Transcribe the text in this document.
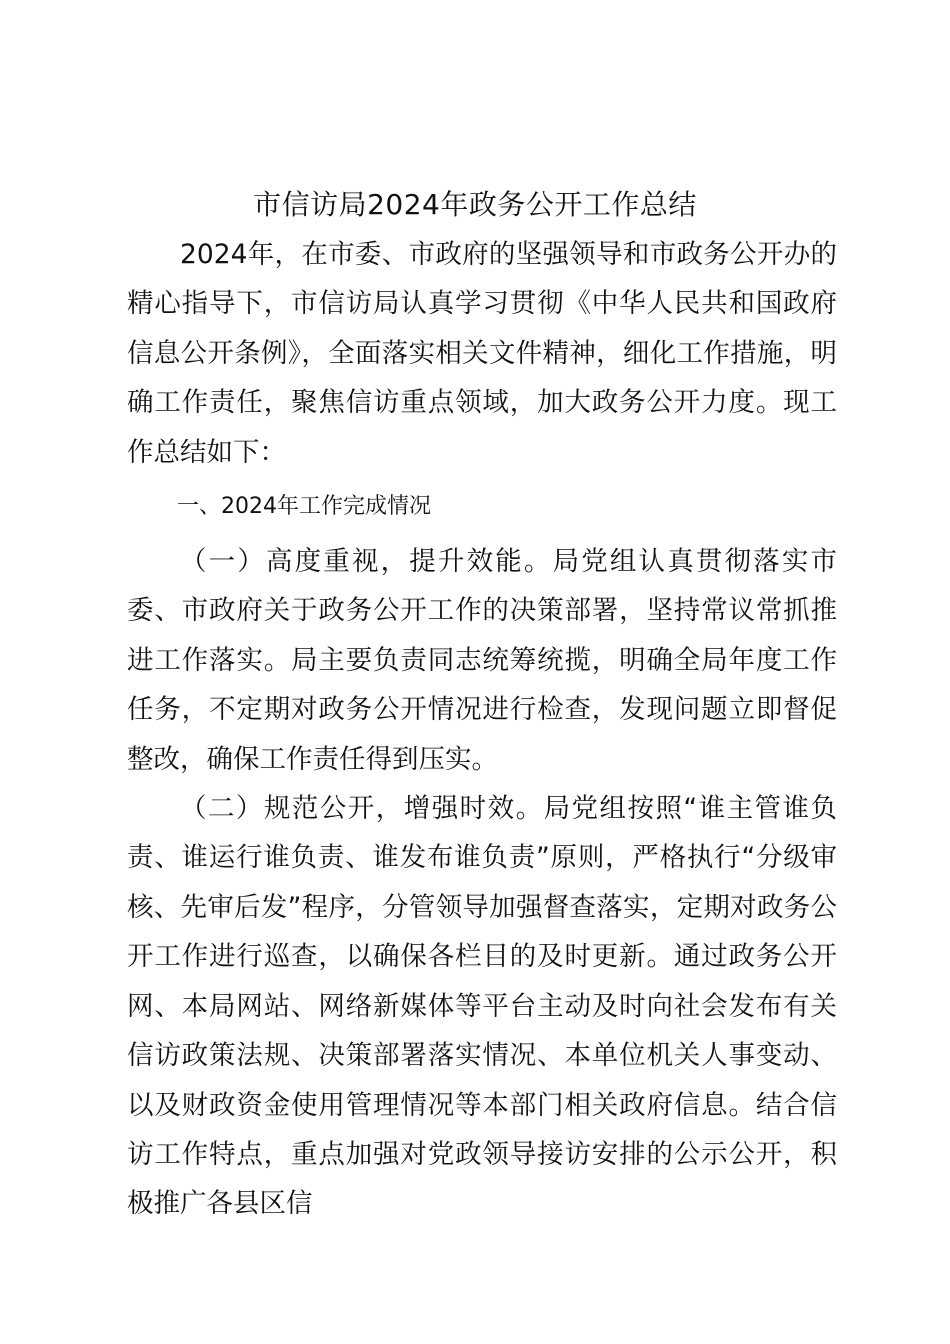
市信访局2024年政务公开工作总结

2024年，在市委、市政府的坚强领导和市政务公开办的精心指导下，市信访局认真学习贯彻《中华人民共和国政府信息公开条例》，全面落实相关文件精神，细化工作措施，明确工作责任，聚焦信访重点领域，加大政务公开力度。现工作总结如下：

一、2024年工作完成情况

（一）高度重视，提升效能。局党组认真贯彻落实市委、市政府关于政务公开工作的决策部署，坚持常议常抓推进工作落实。局主要负责同志统筹统揽，明确全局年度工作任务，不定期对政务公开情况进行检查，发现问题立即督促整改，确保工作责任得到压实。

（二）规范公开，增强时效。局党组按照“谁主管谁负责、谁运行谁负责、谁发布谁负责”原则，严格执行“分级审核、先审后发”程序，分管领导加强督查落实，定期对政务公开工作进行巡查，以确保各栏目的及时更新。通过政务公开网、本局网站、网络新媒体等平台主动及时向社会发布有关信访政策法规、决策部署落实情况、本单位机关人事变动、以及财政资金使用管理情况等本部门相关政府信息。结合信访工作特点，重点加强对党政领导接访安排的公示公开，积极推广各县区信
